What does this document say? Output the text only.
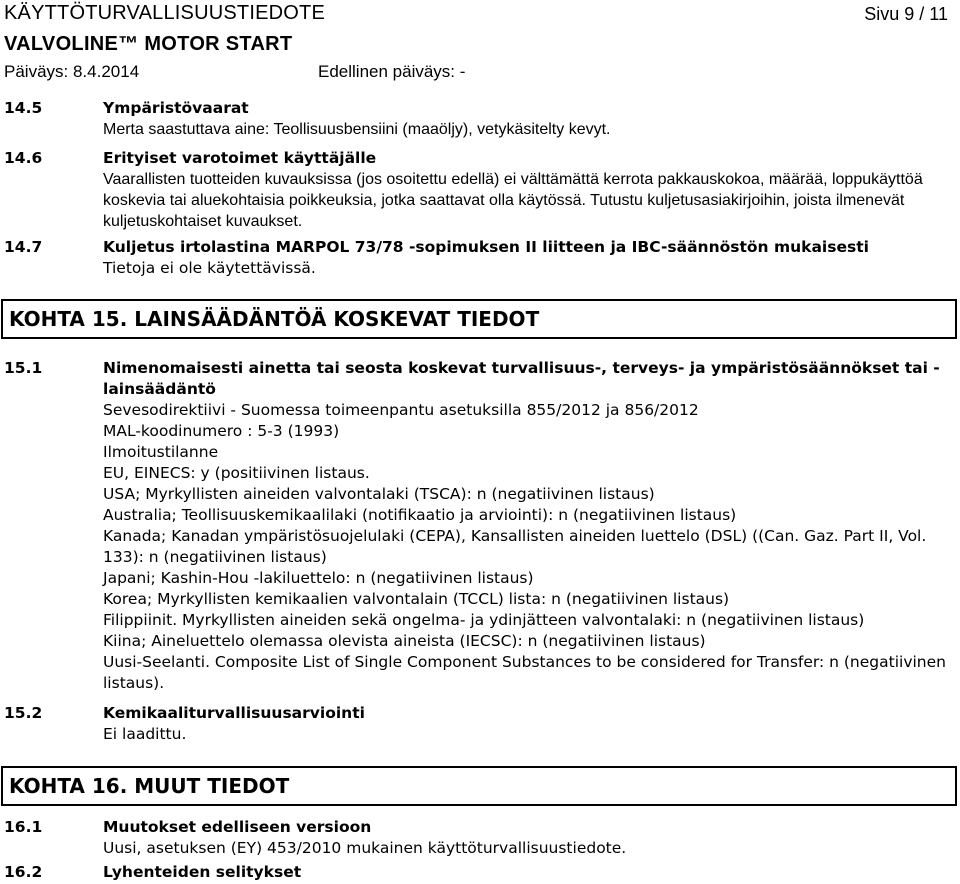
KÄYTTÖTURVALLISUUSTIEDOTE	Sivu 9 / 11
VALVOLINE™ MOTOR START
Päiväys: 8.4.2014	Edellinen päiväys: -
14.5	Ympäristövaarat

Merta saastuttava aine: Teollisuusbensiini (maaöljy), vetykäsitelty kevyt.

14.6	Erityiset varotoimet käyttäjälle

Vaarallisten tuotteiden kuvauksissa (jos osoitettu edellä) ei välttämättä kerrota pakkauskokoa, määrää, loppukäyttöä koskevia tai aluekohtaisia poikkeuksia, jotka saattavat olla käytössä. Tutustu kuljetusasiakirjoihin, joista ilmenevät kuljetuskohtaiset kuvaukset.

14.7	Kuljetus irtolastina MARPOL 73/78 -sopimuksen II liitteen ja IBC-säännöstön mukaisesti

Tietoja ei ole käytettävissä.

KOHTA 15. LAINSÄÄDÄNTÖÄ KOSKEVAT TIEDOT
15.1	Nimenomaisesti ainetta tai seosta koskevat turvallisuus-, terveys- ja ympäristösäännökset tai -lainsäädäntö

Sevesodirektiivi - Suomessa toimeenpantu asetuksilla 855/2012 ja 856/2012

MAL-koodinumero : 5-3 (1993)

Ilmoitustilanne

EU, EINECS: y (positiivinen listaus.

USA; Myrkyllisten aineiden valvontalaki (TSCA): n (negatiivinen listaus)

Australia; Teollisuuskemikaalilaki (notifikaatio ja arviointi): n (negatiivinen listaus)

Kanada; Kanadan ympäristösuojelulaki (CEPA), Kansallisten aineiden luettelo (DSL) ((Can. Gaz. Part II, Vol. 133): n (negatiivinen listaus)

Japani; Kashin-Hou -lakiluettelo: n (negatiivinen listaus)

Korea; Myrkyllisten kemikaalien valvontalain (TCCL) lista: n (negatiivinen listaus)

Filippiinit. Myrkyllisten aineiden sekä ongelma- ja ydinjätteen valvontalaki: n (negatiivinen listaus)

Kiina; Aineluettelo olemassa olevista aineista (IECSC): n (negatiivinen listaus)

Uusi-Seelanti. Composite List of Single Component Substances to be considered for Transfer: n (negatiivinen listaus).

15.2	Kemikaaliturvallisuusarviointi

Ei laadittu.

KOHTA 16. MUUT TIEDOT
16.1	Muutokset edelliseen versioon

Uusi, asetuksen (EY) 453/2010 mukainen käyttöturvallisuustiedote.

16.2	Lyhenteiden selitykset
